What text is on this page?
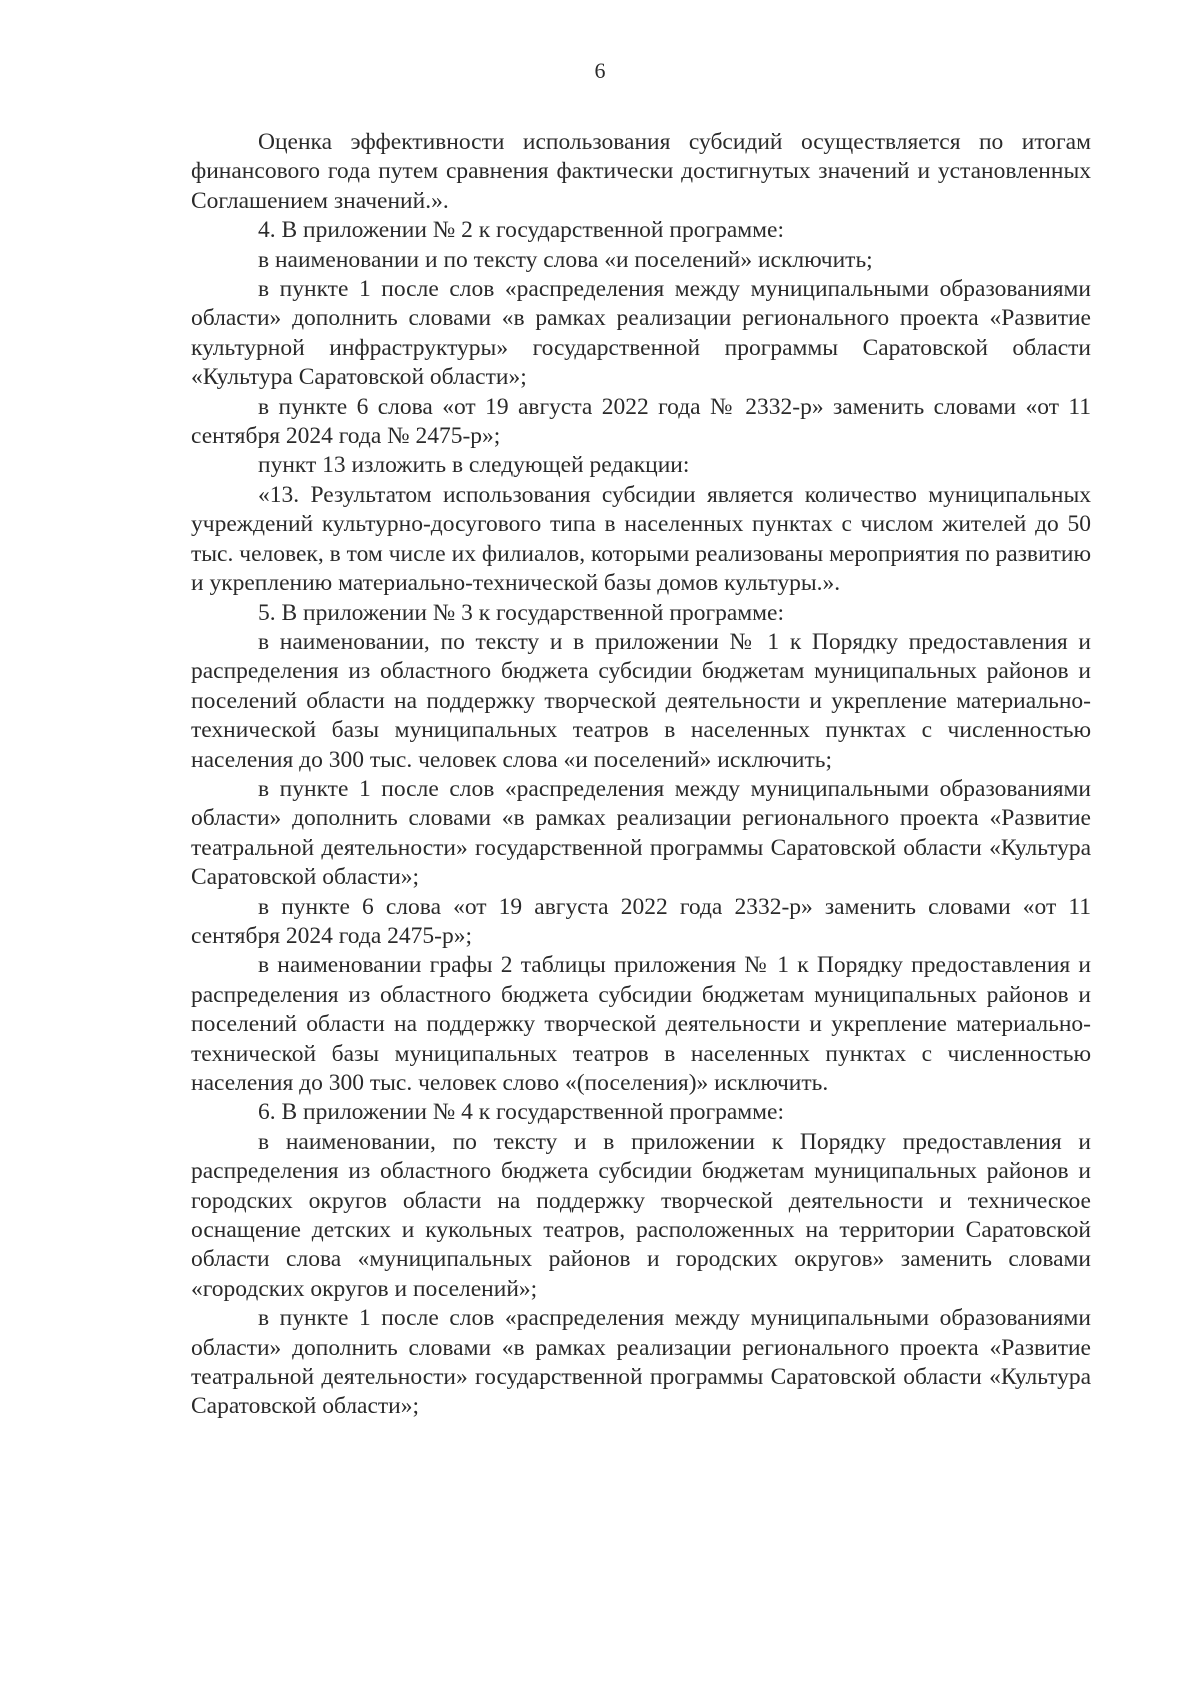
6

Оценка эффективности использования субсидий осуществляется по итогам финансового года путем сравнения фактически достигнутых значений и установленных Соглашением значений.».

4. В приложении № 2 к государственной программе:

в наименовании и по тексту слова «и поселений» исключить;

в пункте 1 после слов «распределения между муниципальными образованиями области» дополнить словами «в рамках реализации регионального проекта «Развитие культурной инфраструктуры» государственной программы Саратовской области «Культура Саратовской области»;

в пункте 6 слова «от 19 августа 2022 года № 2332-р» заменить словами «от 11 сентября 2024 года № 2475-р»;

пункт 13 изложить в следующей редакции:

«13. Результатом использования субсидии является количество муниципальных учреждений культурно-досугового типа в населенных пунктах с числом жителей до 50 тыс. человек, в том числе их филиалов, которыми реализованы мероприятия по развитию и укреплению материально-технической базы домов культуры.».

5. В приложении № 3 к государственной программе:

в наименовании, по тексту и в приложении № 1 к Порядку предоставления и распределения из областного бюджета субсидии бюджетам муниципальных районов и поселений области на поддержку творческой деятельности и укрепление материально-технической базы муниципальных театров в населенных пунктах с численностью населения до 300 тыс. человек слова «и поселений» исключить;

в пункте 1 после слов «распределения между муниципальными образованиями области» дополнить словами «в рамках реализации регионального проекта «Развитие театральной деятельности» государственной программы Саратовской области «Культура Саратовской области»;

в пункте 6 слова «от 19 августа 2022 года 2332-р» заменить словами «от 11 сентября 2024 года 2475-р»;

в наименовании графы 2 таблицы приложения № 1 к Порядку предоставления и распределения из областного бюджета субсидии бюджетам муниципальных районов и поселений области на поддержку творческой деятельности и укрепление материально-технической базы муниципальных театров в населенных пунктах с численностью населения до 300 тыс. человек слово «(поселения)» исключить.

6. В приложении № 4 к государственной программе:

в наименовании, по тексту и в приложении к Порядку предоставления и распределения из областного бюджета субсидии бюджетам муниципальных районов и городских округов области на поддержку творческой деятельности и техническое оснащение детских и кукольных театров, расположенных на территории Саратовской области слова «муниципальных районов и городских округов» заменить словами «городских округов и поселений»;

в пункте 1 после слов «распределения между муниципальными образованиями области» дополнить словами «в рамках реализации регионального проекта «Развитие театральной деятельности» государственной программы Саратовской области «Культура Саратовской области»;
